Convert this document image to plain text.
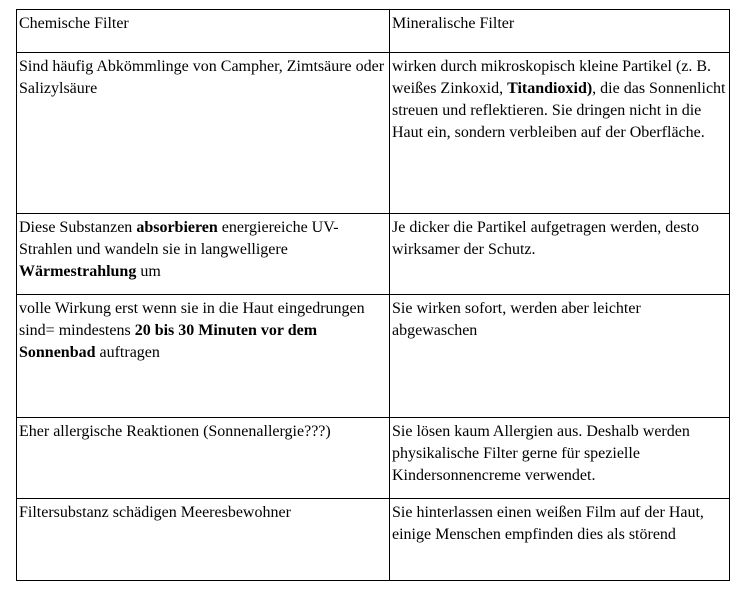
Chemische Filter	Mineralische Filter
Sind häufig Abkömmlinge von Campher, Zimtsäure oder Salizylsäure	wirken durch mikroskopisch kleine Partikel (z. B. weißes Zinkoxid, Titandioxid), die das Sonnenlicht streuen und reflektieren. Sie dringen nicht in die Haut ein, sondern verbleiben auf der Oberfläche.
Diese Substanzen absorbieren energiereiche UV-Strahlen und wandeln sie in langwelligere Wärmestrahlung um	Je dicker die Partikel aufgetragen werden, desto wirksamer der Schutz.
volle Wirkung erst wenn sie in die Haut eingedrungen sind= mindestens 20 bis 30 Minuten vor dem Sonnenbad auftragen	Sie wirken sofort, werden aber leichter abgewaschen
Eher allergische Reaktionen (Sonnenallergie???)	Sie lösen kaum Allergien aus. Deshalb werden physikalische Filter gerne für spezielle Kindersonnencreme verwendet.
Filtersubstanz schädigen Meeresbewohner	Sie hinterlassen einen weißen Film auf der Haut, einige Menschen empfinden dies als störend
